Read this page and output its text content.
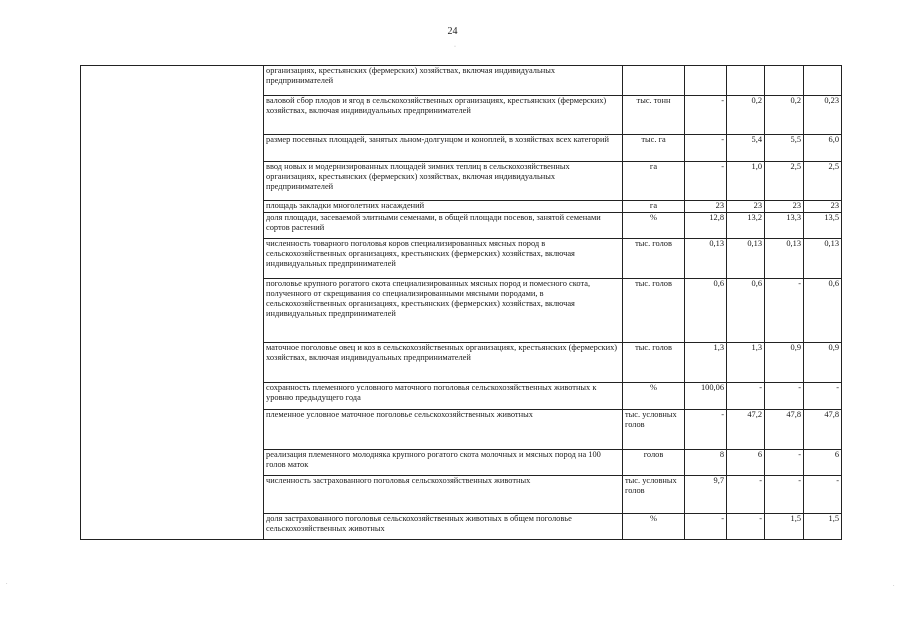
24
·
	организациях, крестьянских (фермерских) хозяйствах, включая индивидуальных предпринимателей					
	валовой сбор плодов и ягод в сельскохозяйственных организациях, крестьянских (фермерских) хозяйствах, включая индивидуальных предпринимателей	тыс. тонн	-	0,2	0,2	0,23
	размер посевных площадей, занятых льном-долгунцом и коноплей, в хозяйствах всех категорий	тыс. га	-	5,4	5,5	6,0
	ввод новых и модернизированных площадей зимних теплиц в сельскохозяйственных организациях, крестьянских (фермерских) хозяйствах, включая индивидуальных предпринимателей	га	-	1,0	2,5	2,5
	площадь закладки многолетних насаждений	га	23	23	23	23
	доля площади, засеваемой элитными семенами, в общей площади посевов, занятой семенами сортов растений	%	12,8	13,2	13,3	13,5
	численность товарного поголовья коров специализированных мясных пород в сельскохозяйственных организациях, крестьянских (фермерских) хозяйствах, включая индивидуальных предпринимателей	тыс. голов	0,13	0,13	0,13	0,13
	поголовье крупного рогатого скота специализированных мясных пород и помесного скота, полученного от скрещивания со специализированными мясными породами, в сельскохозяйственных организациях, крестьянских (фермерских) хозяйствах, включая индивидуальных предпринимателей	тыс. голов	0,6	0,6	-	0,6
	маточное поголовье овец и коз в сельскохозяйственных организациях, крестьянских (фермерских) хозяйствах, включая индивидуальных предпринимателей	тыс. голов	1,3	1,3	0,9	0,9
	сохранность племенного условного маточного поголовья сельскохозяйственных животных к уровню предыдущего года	%	100,06	-	-	-
	племенное условное маточное поголовье сельскохозяйственных животных	тыс. условных голов	-	47,2	47,8	47,8
	реализация племенного молодняка крупного рогатого скота молочных и мясных пород на 100 голов маток	голов	8	6	-	6
	численность застрахованного поголовья сельскохозяйственных животных	тыс. условных голов	9,7	-	-	-
	доля застрахованного поголовья сельскохозяйственных животных в общем поголовье сельскохозяйственных животных	%	-	-	1,5	1,5
.	.
